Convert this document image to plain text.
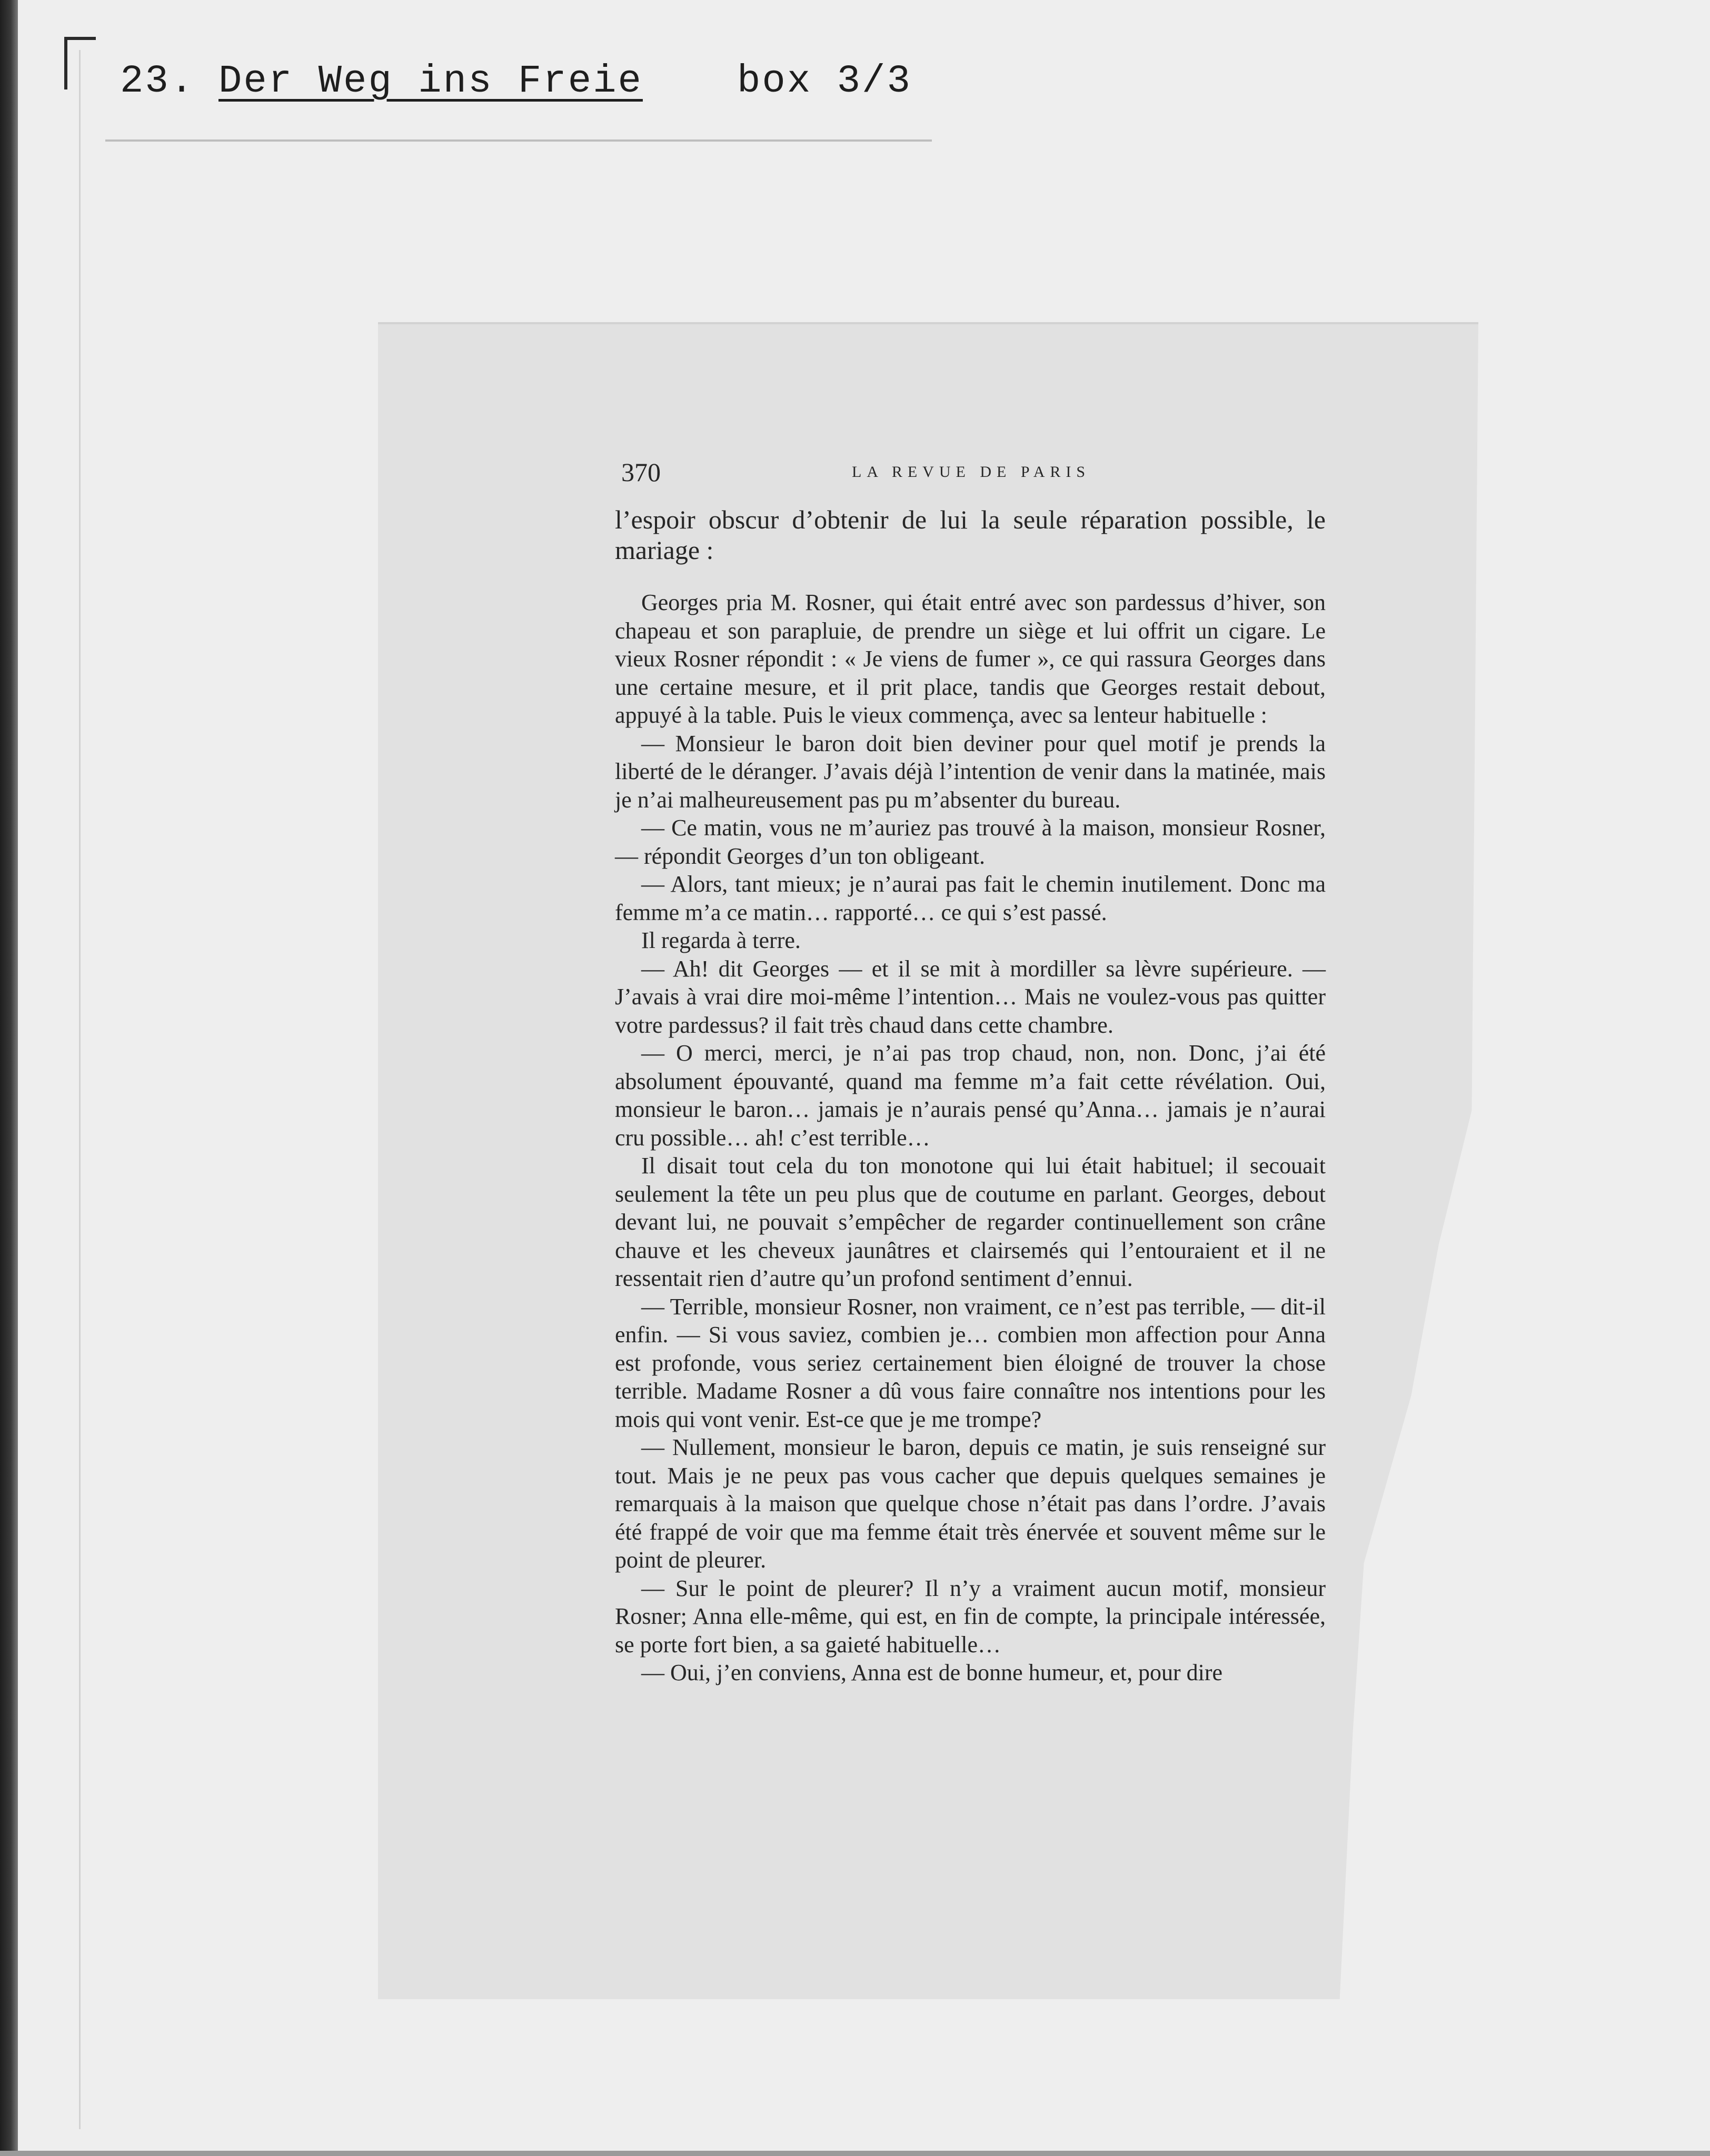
23. Der Weg ins Freie box 3/3
370	LA REVUE DE PARIS

l’espoir obscur d’obtenir de lui la seule réparation possible, le mariage :

Georges pria M. Rosner, qui était entré avec son pardessus d’hiver, son chapeau et son parapluie, de prendre un siège et lui offrit un cigare. Le vieux Rosner répondit : « Je viens de fumer », ce qui rassura Georges dans une certaine mesure, et il prit place, tandis que Georges restait debout, appuyé à la table. Puis le vieux commença, avec sa lenteur habituelle :

— Monsieur le baron doit bien deviner pour quel motif je prends la liberté de le déranger. J’avais déjà l’intention de venir dans la matinée, mais je n’ai malheureusement pas pu m’absenter du bureau.

— Ce matin, vous ne m’auriez pas trouvé à la maison, monsieur Rosner, — répondit Georges d’un ton obligeant.

— Alors, tant mieux; je n’aurai pas fait le chemin inutilement. Donc ma femme m’a ce matin… rapporté… ce qui s’est passé.

Il regarda à terre.

— Ah! dit Georges — et il se mit à mordiller sa lèvre supérieure. — J’avais à vrai dire moi-même l’intention… Mais ne voulez-vous pas quitter votre pardessus? il fait très chaud dans cette chambre.

— O merci, merci, je n’ai pas trop chaud, non, non. Donc, j’ai été absolument épouvanté, quand ma femme m’a fait cette révélation. Oui, monsieur le baron… jamais je n’aurais pensé qu’Anna… jamais je n’aurai cru possible… ah! c’est terrible…

Il disait tout cela du ton monotone qui lui était habituel; il secouait seulement la tête un peu plus que de coutume en parlant. Georges, debout devant lui, ne pouvait s’empêcher de regarder continuellement son crâne chauve et les cheveux jaunâtres et clairsemés qui l’entouraient et il ne ressentait rien d’autre qu’un profond sentiment d’ennui.

— Terrible, monsieur Rosner, non vraiment, ce n’est pas terrible, — dit-il enfin. — Si vous saviez, combien je… combien mon affection pour Anna est profonde, vous seriez certainement bien éloigné de trouver la chose terrible. Madame Rosner a dû vous faire connaître nos intentions pour les mois qui vont venir. Est-ce que je me trompe?

— Nullement, monsieur le baron, depuis ce matin, je suis renseigné sur tout. Mais je ne peux pas vous cacher que depuis quelques semaines je remarquais à la maison que quelque chose n’était pas dans l’ordre. J’avais été frappé de voir que ma femme était très énervée et souvent même sur le point de pleurer.

— Sur le point de pleurer? Il n’y a vraiment aucun motif, monsieur Rosner; Anna elle-même, qui est, en fin de compte, la principale intéressée, se porte fort bien, a sa gaieté habituelle…

— Oui, j’en conviens, Anna est de bonne humeur, et, pour dire
